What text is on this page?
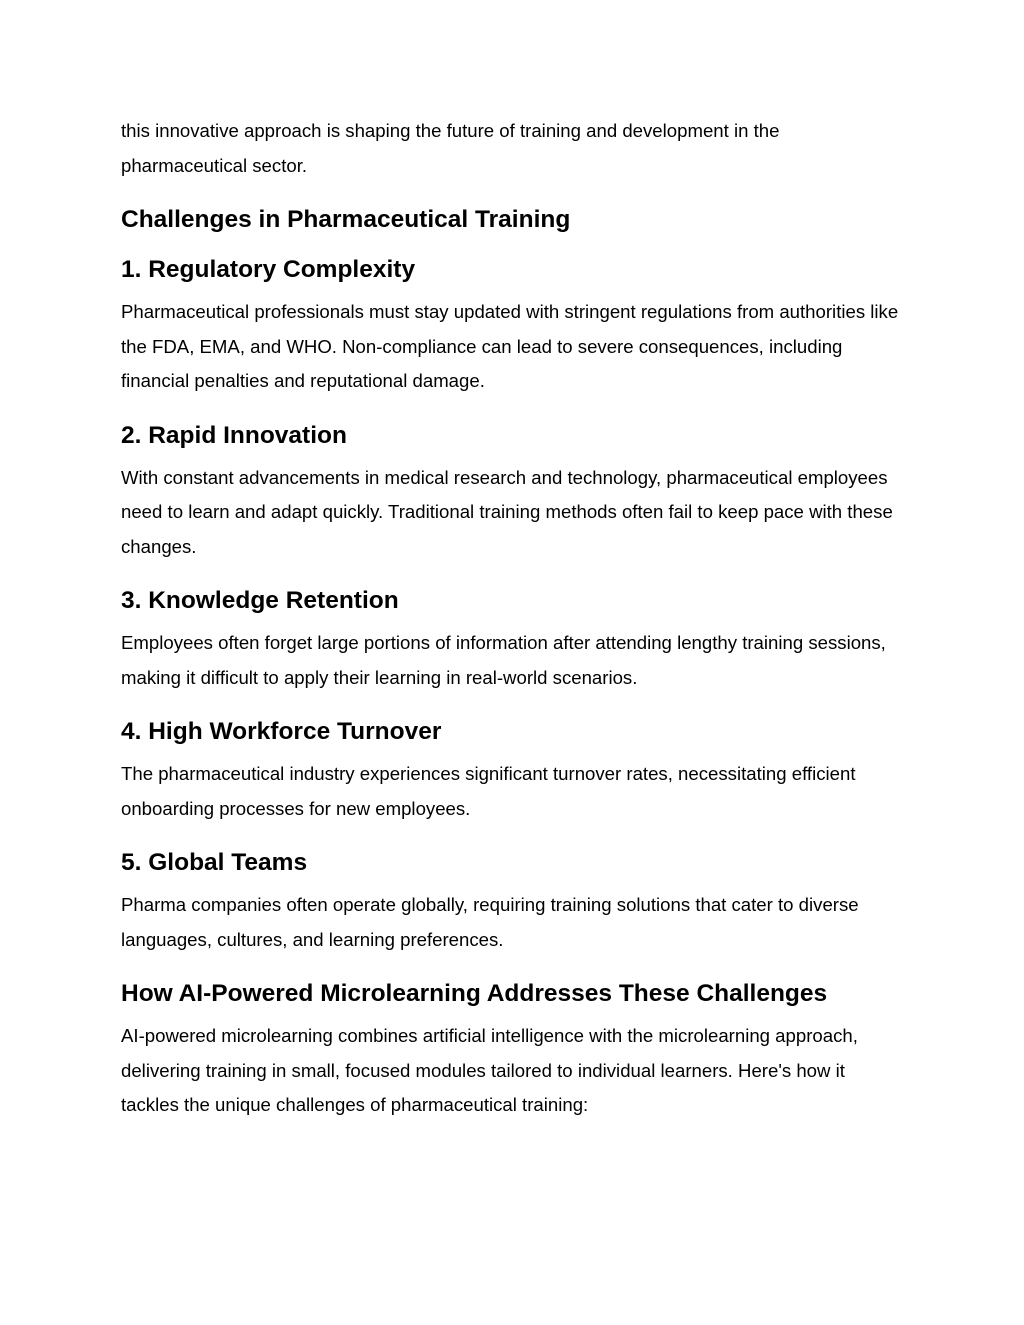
this innovative approach is shaping the future of training and development in the pharmaceutical sector.

Challenges in Pharmaceutical Training
1. Regulatory Complexity

Pharmaceutical professionals must stay updated with stringent regulations from authorities like the FDA, EMA, and WHO. Non-compliance can lead to severe consequences, including financial penalties and reputational damage.

2. Rapid Innovation

With constant advancements in medical research and technology, pharmaceutical employees need to learn and adapt quickly. Traditional training methods often fail to keep pace with these changes.

3. Knowledge Retention

Employees often forget large portions of information after attending lengthy training sessions, making it difficult to apply their learning in real-world scenarios.

4. High Workforce Turnover

The pharmaceutical industry experiences significant turnover rates, necessitating efficient onboarding processes for new employees.

5. Global Teams

Pharma companies often operate globally, requiring training solutions that cater to diverse languages, cultures, and learning preferences.

How AI-Powered Microlearning Addresses These Challenges

AI-powered microlearning combines artificial intelligence with the microlearning approach, delivering training in small, focused modules tailored to individual learners. Here's how it tackles the unique challenges of pharmaceutical training:
